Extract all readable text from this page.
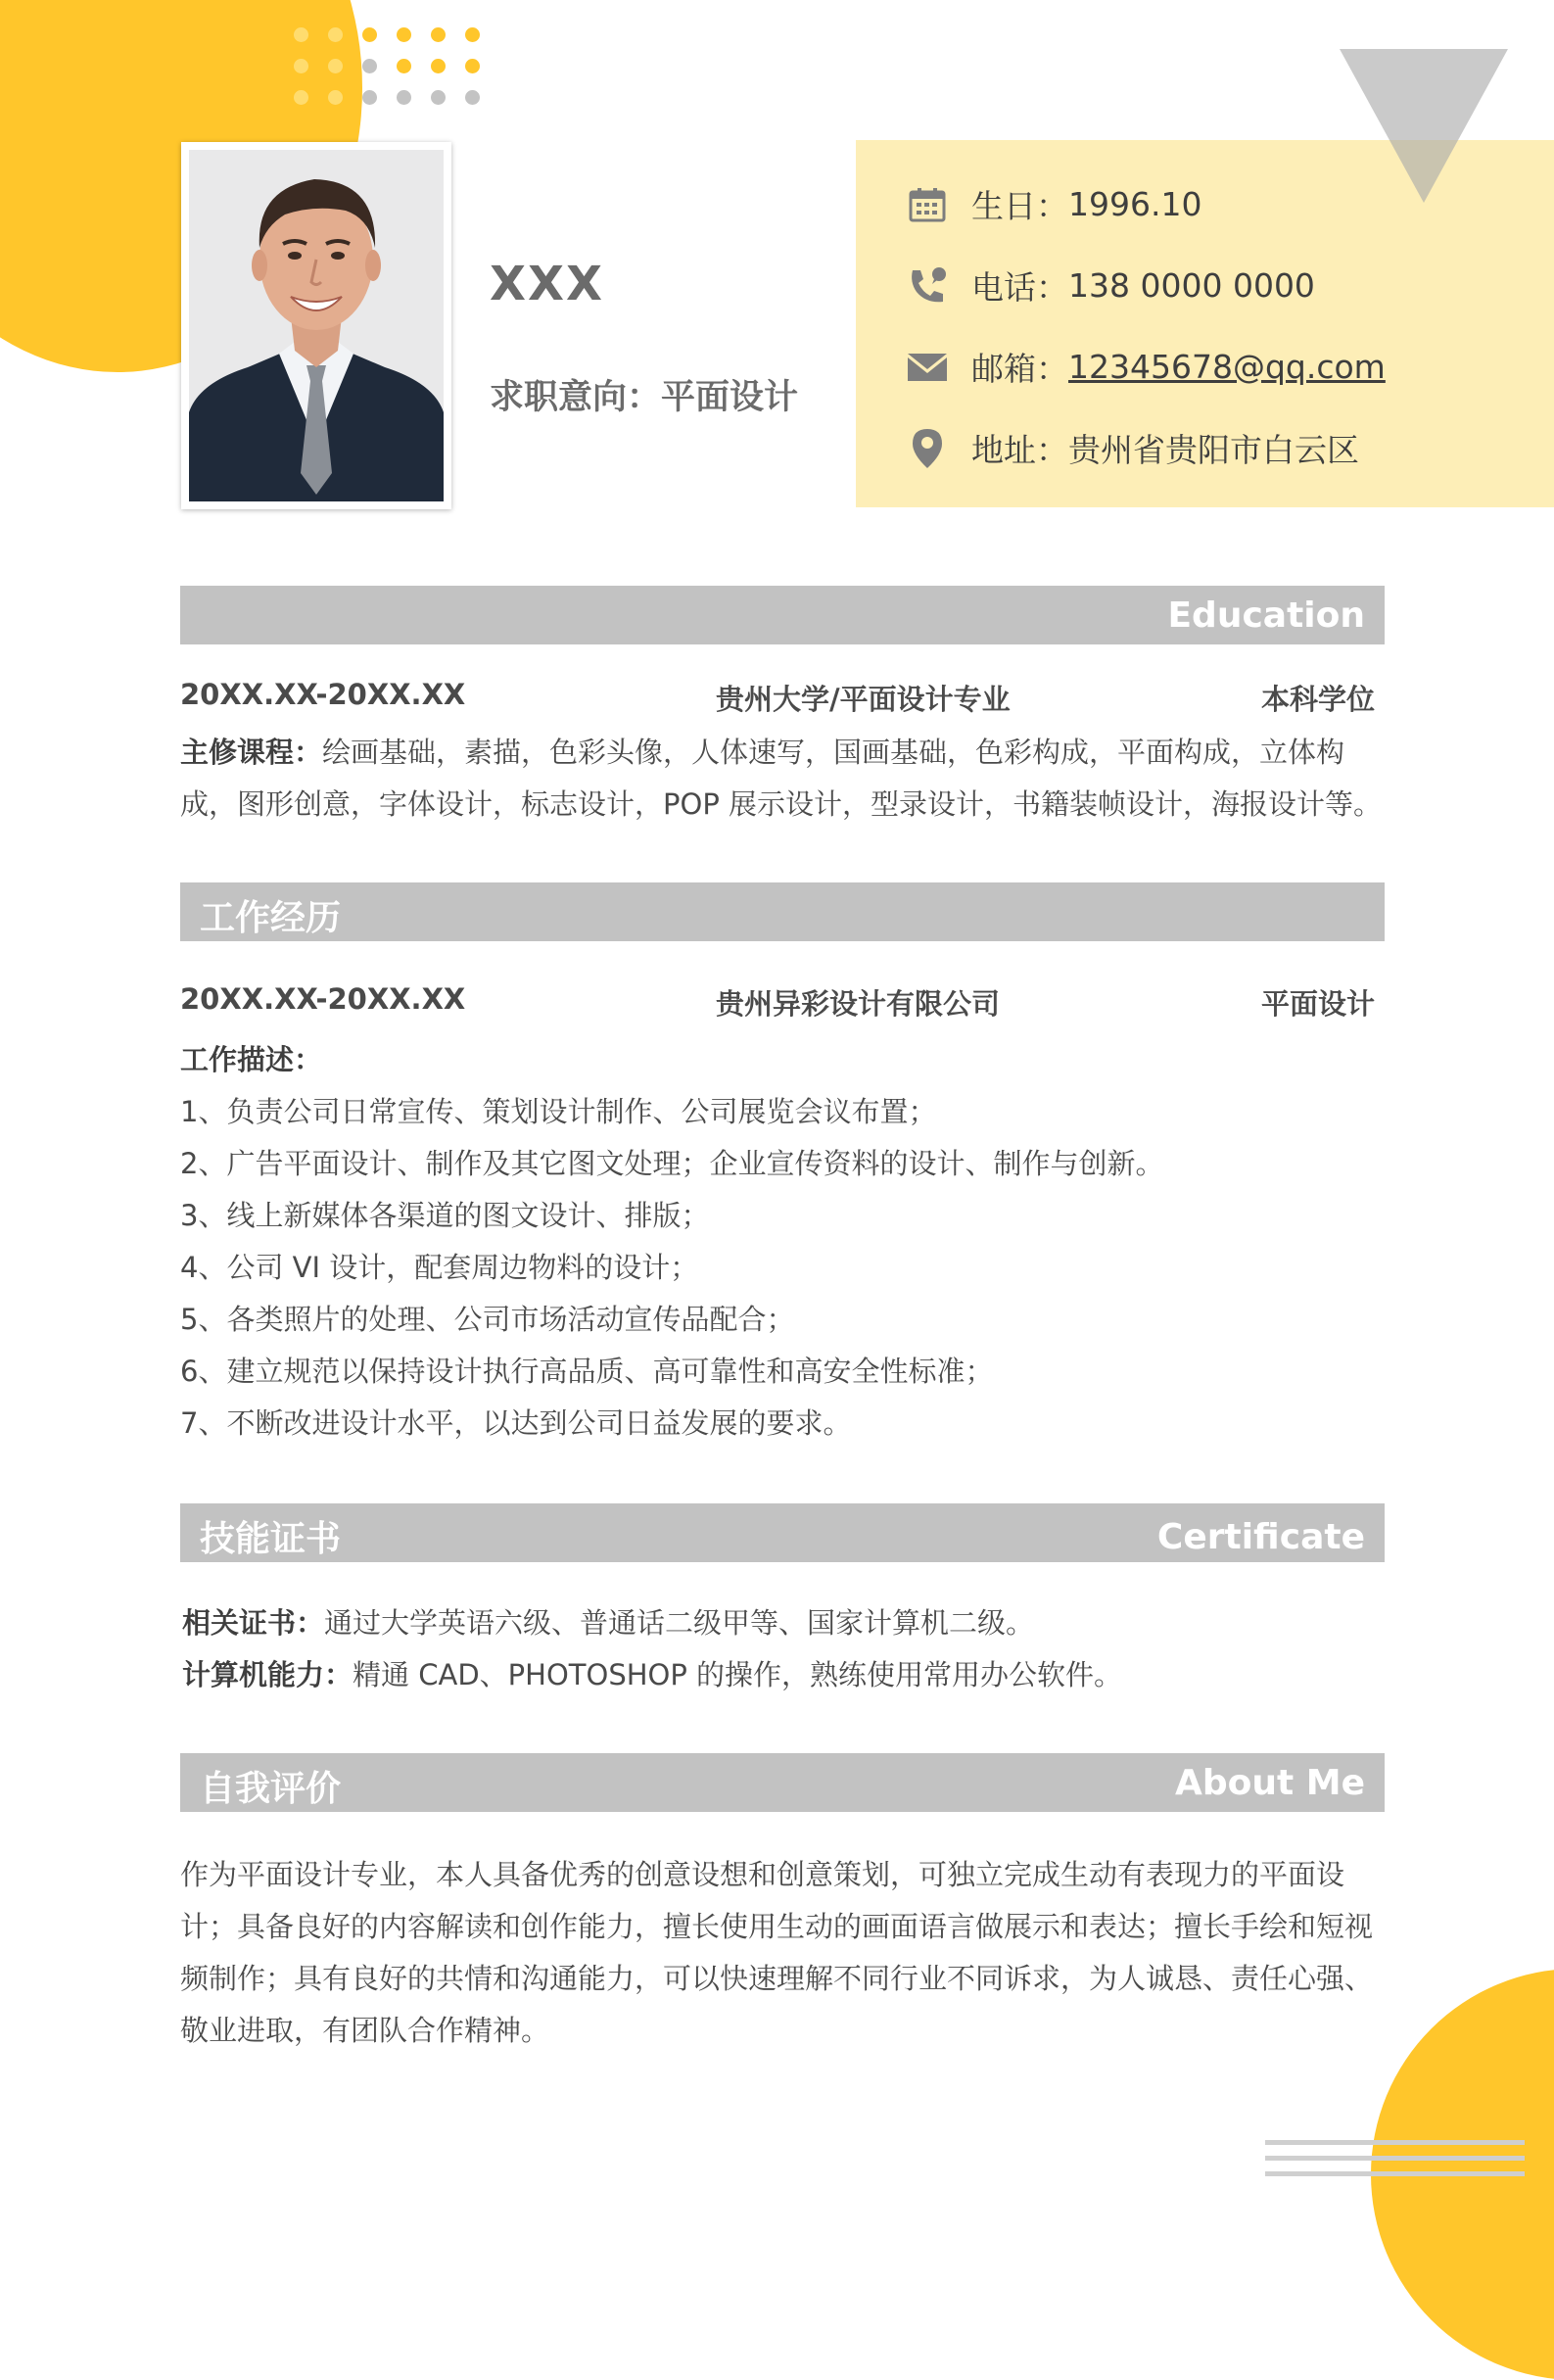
XXX
求职意向：平面设计
生日： 1996.10
电话： 138 0000 0000
邮箱： 12345678@qq.com
地址： 贵州省贵阳市白云区
Education
20XX.XX-20XX.XX	贵州大学/平面设计专业	本科学位
主修课程：绘画基础，素描，色彩头像，人体速写，国画基础，色彩构成，平面构成，立体构成，图形创意，字体设计，标志设计，POP 展示设计，型录设计，书籍装帧设计，海报设计等。
工作经历
20XX.XX-20XX.XX	贵州异彩设计有限公司	平面设计
工作描述：
1、负责公司日常宣传、策划设计制作、公司展览会议布置；
2、广告平面设计、制作及其它图文处理；企业宣传资料的设计、制作与创新。
3、线上新媒体各渠道的图文设计、排版；
4、公司 VI 设计，配套周边物料的设计；
5、各类照片的处理、公司市场活动宣传品配合；
6、建立规范以保持设计执行高品质、高可靠性和高安全性标准；
7、不断改进设计水平，以达到公司日益发展的要求。
技能证书	Certificate
相关证书：通过大学英语六级、普通话二级甲等、国家计算机二级。
计算机能力：精通 CAD、PHOTOSHOP 的操作，熟练使用常用办公软件。
自我评价	About Me
作为平面设计专业，本人具备优秀的创意设想和创意策划，可独立完成生动有表现力的平面设计；具备良好的内容解读和创作能力，擅长使用生动的画面语言做展示和表达；擅长手绘和短视频制作；具有良好的共情和沟通能力，可以快速理解不同行业不同诉求，为人诚恳、责任心强、敬业进取，有团队合作精神。
